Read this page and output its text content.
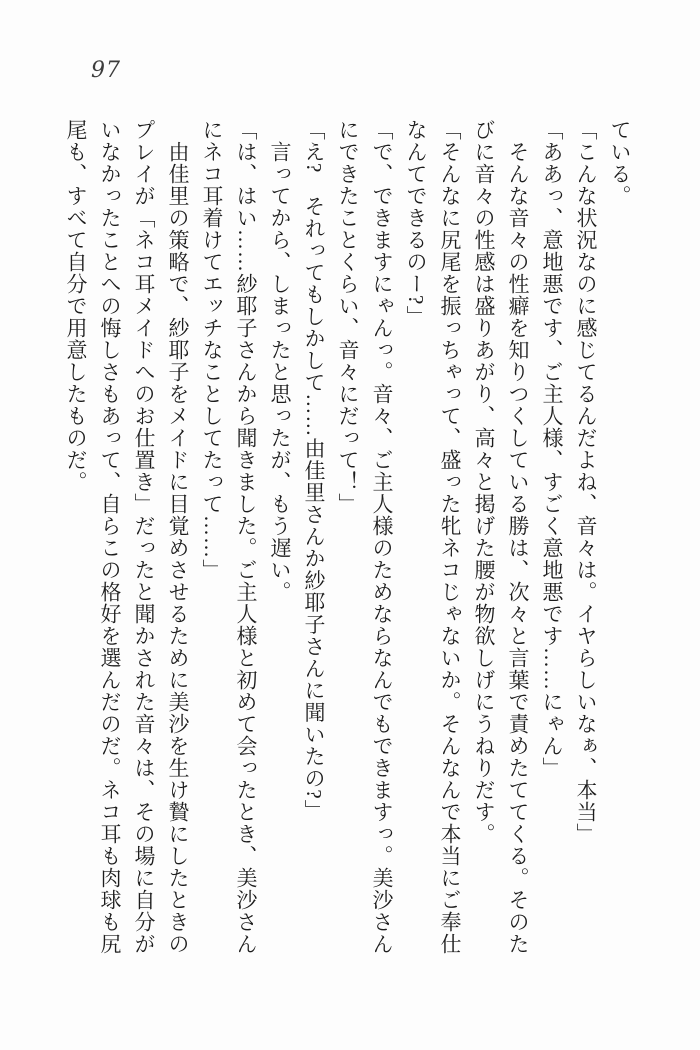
97

ている。

「こんな状況なのに感じてるんだよね、音々は。イヤらしいなぁ、本当」

「ああっ、意地悪です、ご主人様、すごく意地悪です……にゃん」

　そんな音々の性癖を知りつくしている勝は、次々と言葉で責めたててくる。そのたびに音々の性感は盛りあがり、高々と掲げた腰が物欲しげにうねりだす。

「そんなに尻尾を振っちゃって、盛った牝ネコじゃないか。そんなんで本当にご奉仕なんてできるのー?」

「で、できますにゃんっ。音々、ご主人様のためならなんでもできますっ。美沙さんにできたことくらい、音々にだって！」

「え?　それってもしかして……由佳里さんか紗耶子さんに聞いたの?」

　言ってから、しまったと思ったが、もう遅い。

「は、はい……紗耶子さんから聞きました。ご主人様と初めて会ったとき、美沙さんにネコ耳着けてエッチなことしてたって……」

　由佳里の策略で、紗耶子をメイドに目覚めさせるために美沙を生け贄にしたときのプレイが「ネコ耳メイドへのお仕置き」だったと聞かされた音々は、その場に自分がいなかったことへの悔しさもあって、自らこの格好を選んだのだ。ネコ耳も肉球も尻尾も、すべて自分で用意したものだ。
